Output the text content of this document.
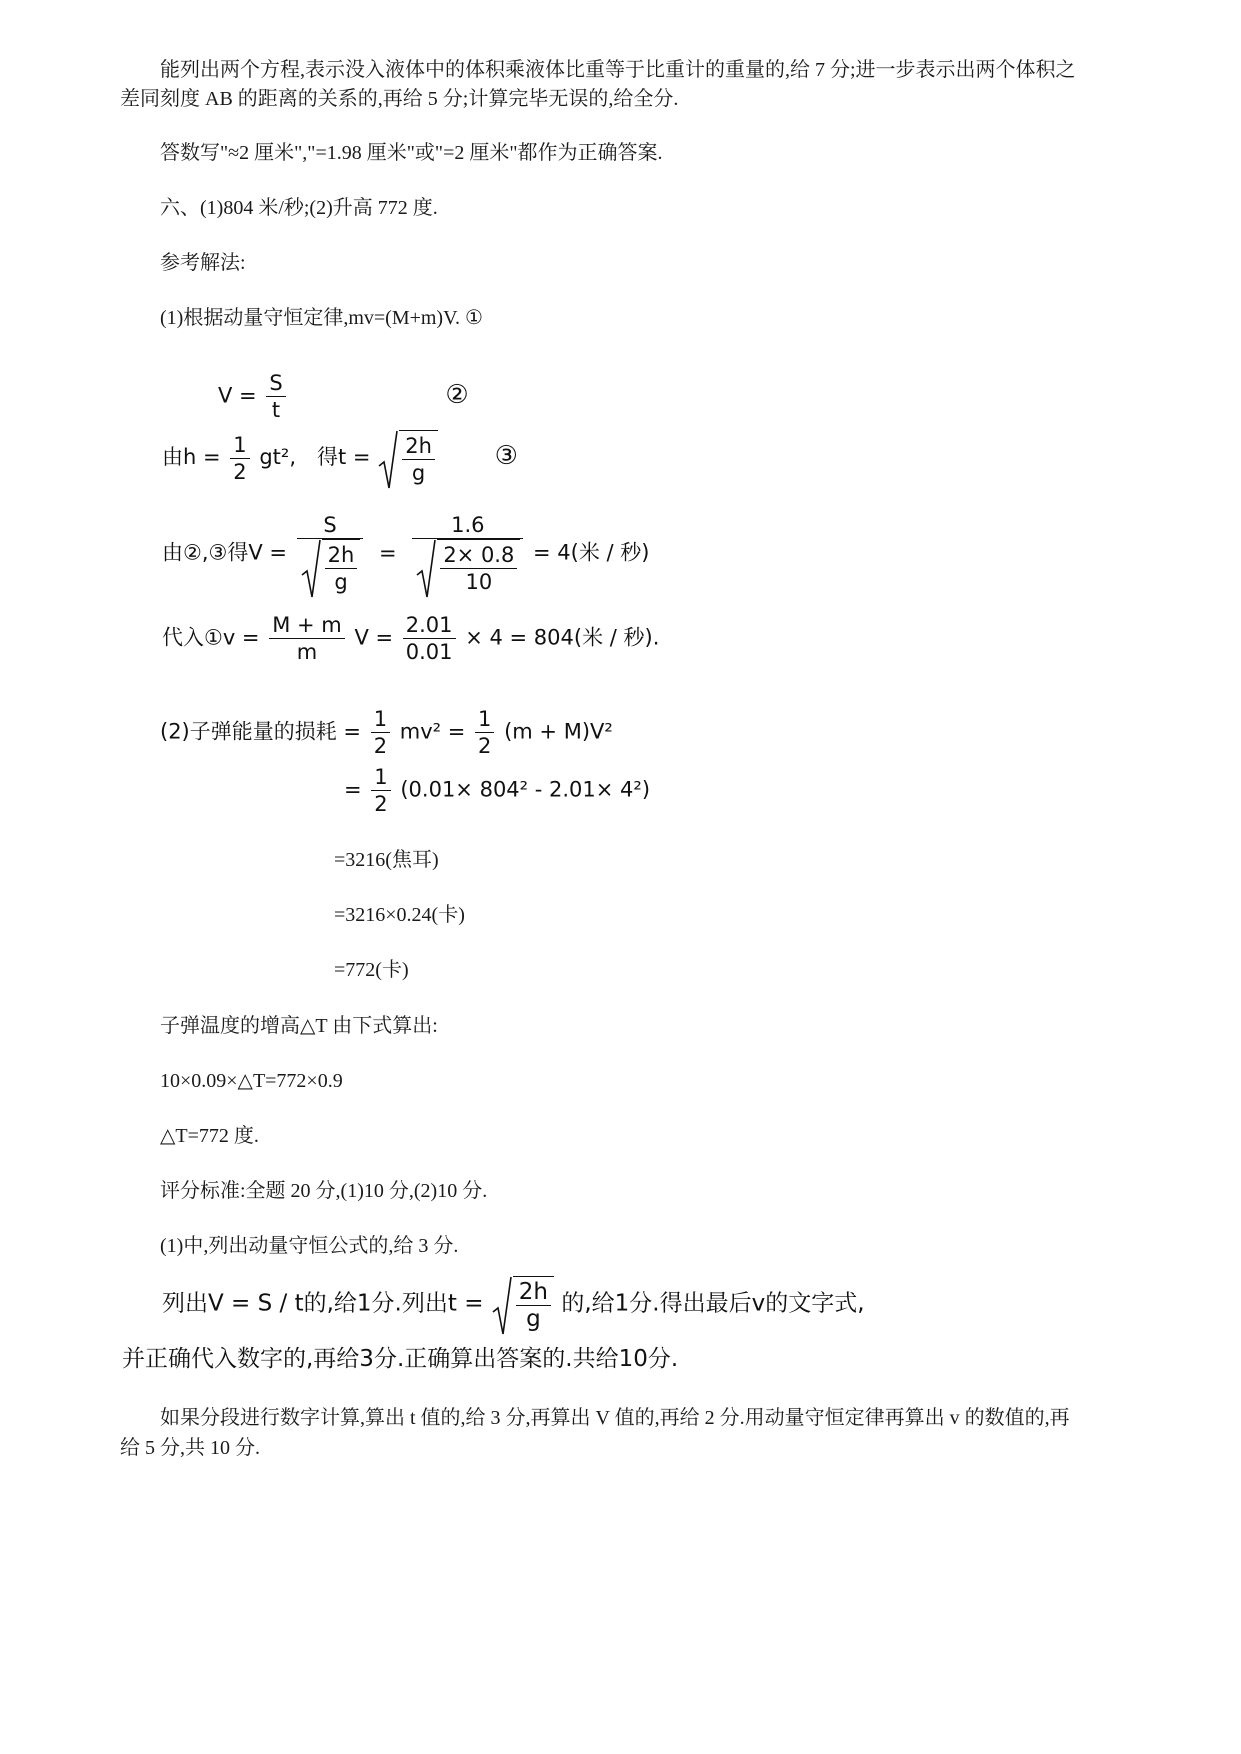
能列出两个方程,表示没入液体中的体积乘液体比重等于比重计的重量的,给 7 分;进一步表示出两个体积之
差同刻度 AB 的距离的关系的,再给 5 分;计算完毕无误的,给全分.
答数写"≈2 厘米","=1.98 厘米"或"=2 厘米"都作为正确答案.
六、(1)804 米/秒;(2)升高 772 度.
参考解法:
(1)根据动量守恒定律,mv=(M+m)V. ①
$V = \frac{S}{t}$	②
由$h = \frac{1}{2} gt^2$,　得$t = \frac{2h}{g}$ ③
由②,③得$V = \frac{S}{\frac{2h}{g}} = \frac{1.6}{\frac{2\times 0.8}{10}} = 4$(米 / 秒)
代入①v = $\frac{M + m}{m}$ $V = \frac{2.01}{0.01} \times 4 = 804$(米 / 秒).
(2)子弹能量的损耗 = $\frac{1}{2} mv^2 = \frac{1}{2} (m + M)V^2$
= $\frac{1}{2} (0.01\times 804^2 - 2.01\times 4^2)$
=3216(焦耳)
=3216×0.24(卡)
=772(卡)
子弹温度的增高△T 由下式算出:
10×0.09×△T=772×0.9
△T=772 度.
评分标准:全题 20 分,(1)10 分,(2)10 分.
(1)中,列出动量守恒公式的,给 3 分.
列出V = S / t的,给1分.列出$t = \frac{2h}{g}$ 的,给1分.得出最后v的文字式,
并正确代入数字的,再给3分.正确算出答案的.共给10分.
如果分段进行数字计算,算出 t 值的,给 3 分,再算出 V 值的,再给 2 分.用动量守恒定律再算出 v 的数值的,再
给 5 分,共 10 分.
